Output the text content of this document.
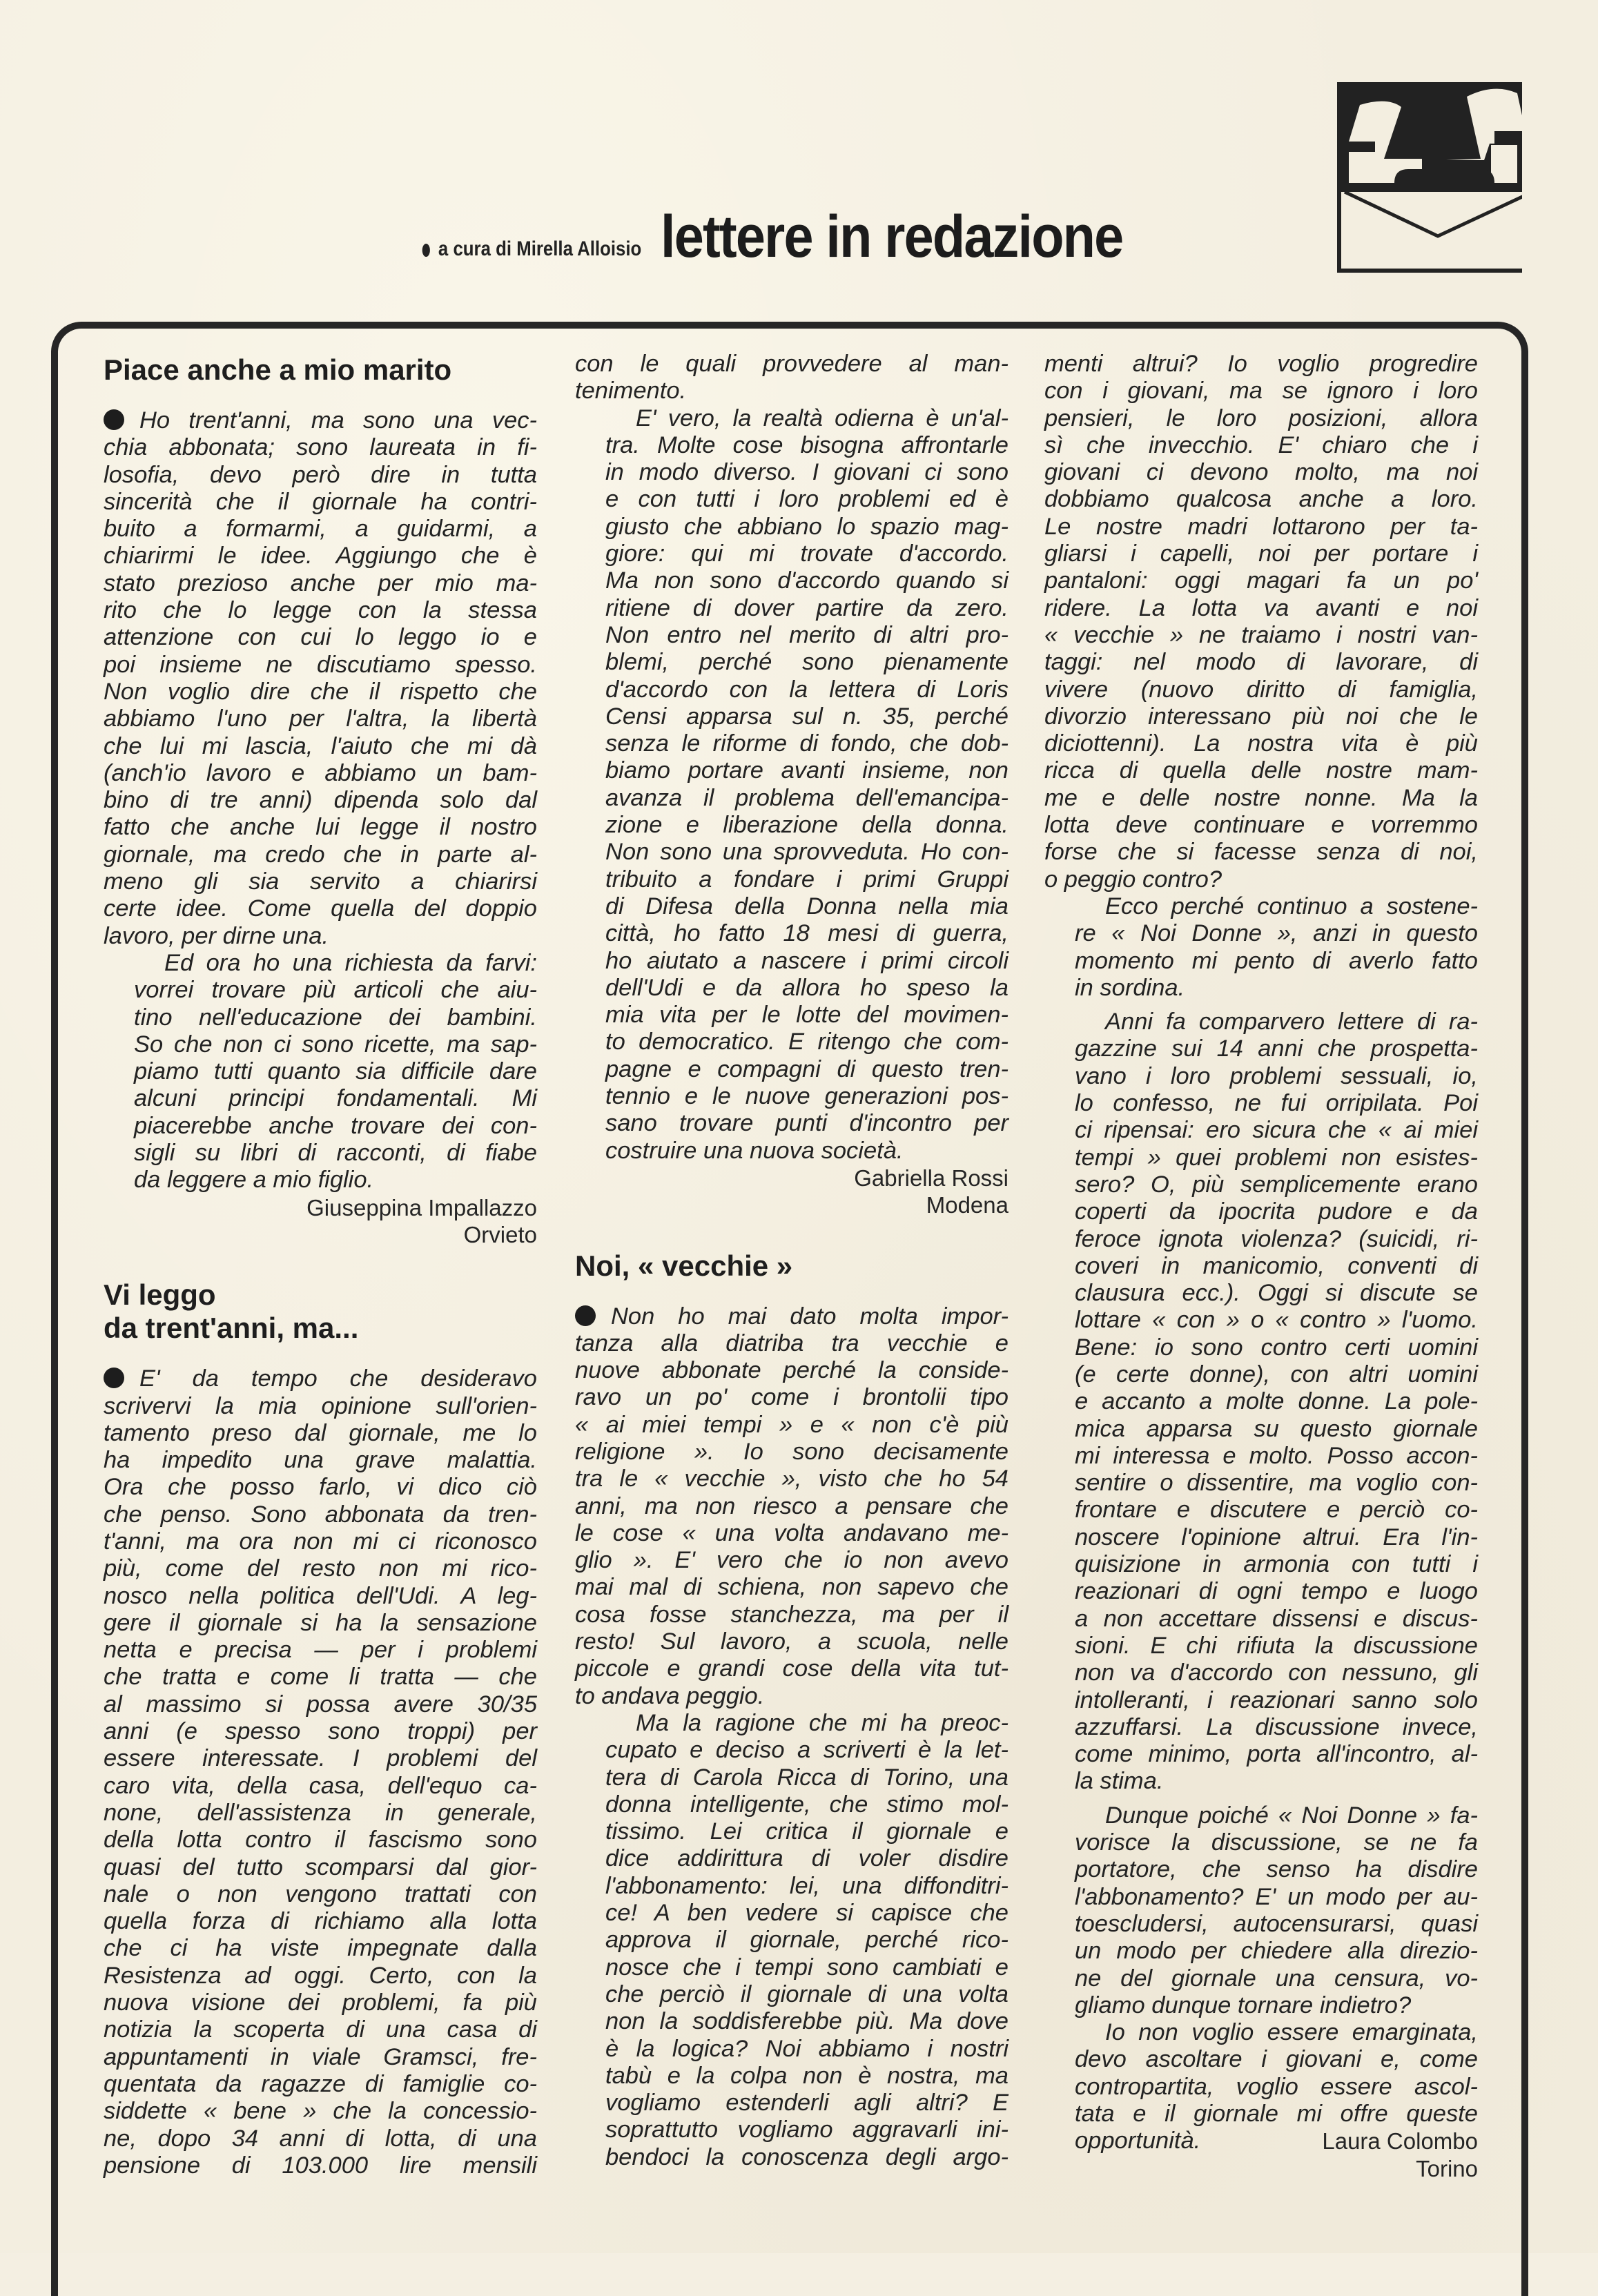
a cura di Mirella Alloisio lettere in redazione
Piace anche a mio marito

Ho trent'anni, ma sono una vec-
chia abbonata; sono laureata in fi-
losofia, devo però dire in tutta
sincerità che il giornale ha contri-
buito a formarmi, a guidarmi, a
chiarirmi le idee. Aggiungo che è
stato prezioso anche per mio ma-
rito che lo legge con la stessa
attenzione con cui lo leggo io e
poi insieme ne discutiamo spesso.
Non voglio dire che il rispetto che
abbiamo l'uno per l'altra, la libertà
che lui mi lascia, l'aiuto che mi dà
(anch'io lavoro e abbiamo un bam-
bino di tre anni) dipenda solo dal
fatto che anche lui legge il nostro
giornale, ma credo che in parte al-
meno gli sia servito a chiarirsi
certe idee. Come quella del doppio
lavoro, per dirne una.

Ed ora ho una richiesta da farvi:
vorrei trovare più articoli che aiu-
tino nell'educazione dei bambini.
So che non ci sono ricette, ma sap-
piamo tutti quanto sia difficile dare
alcuni principi fondamentali. Mi
piacerebbe anche trovare dei con-
sigli su libri di racconti, di fiabe
da leggere a mio figlio.

Giuseppina Impallazzo
Orvieto
Vi leggo
da trent'anni, ma...

E' da tempo che desideravo
scrivervi la mia opinione sull'orien-
tamento preso dal giornale, me lo
ha impedito una grave malattia.
Ora che posso farlo, vi dico ciò
che penso. Sono abbonata da tren-
t'anni, ma ora non mi ci riconosco
più, come del resto non mi rico-
nosco nella politica dell'Udi. A leg-
gere il giornale si ha la sensazione
netta e precisa — per i problemi
che tratta e come li tratta — che
al massimo si possa avere 30/35
anni (e spesso sono troppi) per
essere interessate. I problemi del
caro vita, della casa, dell'equo ca-
none, dell'assistenza in generale,
della lotta contro il fascismo sono
quasi del tutto scomparsi dal gior-
nale o non vengono trattati con
quella forza di richiamo alla lotta
che ci ha viste impegnate dalla
Resistenza ad oggi. Certo, con la
nuova visione dei problemi, fa più
notizia la scoperta di una casa di
appuntamenti in viale Gramsci, fre-
quentata da ragazze di famiglie co-
siddette « bene » che la concessio-
ne, dopo 34 anni di lotta, di una
pensione di 103.000 lire mensili

con le quali provvedere al man-
tenimento.

E' vero, la realtà odierna è un'al-
tra. Molte cose bisogna affrontarle
in modo diverso. I giovani ci sono
e con tutti i loro problemi ed è
giusto che abbiano lo spazio mag-
giore: qui mi trovate d'accordo.
Ma non sono d'accordo quando si
ritiene di dover partire da zero.
Non entro nel merito di altri pro-
blemi, perché sono pienamente
d'accordo con la lettera di Loris
Censi apparsa sul n. 35, perché
senza le riforme di fondo, che dob-
biamo portare avanti insieme, non
avanza il problema dell'emancipa-
zione e liberazione della donna.
Non sono una sprovveduta. Ho con-
tribuito a fondare i primi Gruppi
di Difesa della Donna nella mia
città, ho fatto 18 mesi di guerra,
ho aiutato a nascere i primi circoli
dell'Udi e da allora ho speso la
mia vita per le lotte del movimen-
to democratico. E ritengo che com-
pagne e compagni di questo tren-
tennio e le nuove generazioni pos-
sano trovare punti d'incontro per
costruire una nuova società.

Gabriella Rossi
Modena
Noi, « vecchie »

Non ho mai dato molta impor-
tanza alla diatriba tra vecchie e
nuove abbonate perché la conside-
ravo un po' come i brontolii tipo
« ai miei tempi » e « non c'è più
religione ». Io sono decisamente
tra le « vecchie », visto che ho 54
anni, ma non riesco a pensare che
le cose « una volta andavano me-
glio ». E' vero che io non avevo
mai mal di schiena, non sapevo che
cosa fosse stanchezza, ma per il
resto! Sul lavoro, a scuola, nelle
piccole e grandi cose della vita tut-
to andava peggio.

Ma la ragione che mi ha preoc-
cupato e deciso a scriverti è la let-
tera di Carola Ricca di Torino, una
donna intelligente, che stimo mol-
tissimo. Lei critica il giornale e
dice addirittura di voler disdire
l'abbonamento: lei, una diffonditri-
ce! A ben vedere si capisce che
approva il giornale, perché rico-
nosce che i tempi sono cambiati e
che perciò il giornale di una volta
non la soddisferebbe più. Ma dove
è la logica? Noi abbiamo i nostri
tabù e la colpa non è nostra, ma
vogliamo estenderli agli altri? E
soprattutto vogliamo aggravarli ini-
bendoci la conoscenza degli argo-

menti altrui? Io voglio progredire
con i giovani, ma se ignoro i loro
pensieri, le loro posizioni, allora
sì che invecchio. E' chiaro che i
giovani ci devono molto, ma noi
dobbiamo qualcosa anche a loro.
Le nostre madri lottarono per ta-
gliarsi i capelli, noi per portare i
pantaloni: oggi magari fa un po'
ridere. La lotta va avanti e noi
« vecchie » ne traiamo i nostri van-
taggi: nel modo di lavorare, di
vivere (nuovo diritto di famiglia,
divorzio interessano più noi che le
diciottenni). La nostra vita è più
ricca di quella delle nostre mam-
me e delle nostre nonne. Ma la
lotta deve continuare e vorremmo
forse che si facesse senza di noi,
o peggio contro?

Ecco perché continuo a sostene-
re « Noi Donne », anzi in questo
momento mi pento di averlo fatto
in sordina.

Anni fa comparvero lettere di ra-
gazzine sui 14 anni che prospetta-
vano i loro problemi sessuali, io,
lo confesso, ne fui orripilata. Poi
ci ripensai: ero sicura che « ai miei
tempi » quei problemi non esistes-
sero? O, più semplicemente erano
coperti da ipocrita pudore e da
feroce ignota violenza? (suicidi, ri-
coveri in manicomio, conventi di
clausura ecc.). Oggi si discute se
lottare « con » o « contro » l'uomo.
Bene: io sono contro certi uomini
(e certe donne), con altri uomini
e accanto a molte donne. La pole-
mica apparsa su questo giornale
mi interessa e molto. Posso accon-
sentire o dissentire, ma voglio con-
frontare e discutere e perciò co-
noscere l'opinione altrui. Era l'in-
quisizione in armonia con tutti i
reazionari di ogni tempo e luogo
a non accettare dissensi e discus-
sioni. E chi rifiuta la discussione
non va d'accordo con nessuno, gli
intolleranti, i reazionari sanno solo
azzuffarsi. La discussione invece,
come minimo, porta all'incontro, al-
la stima.

Dunque poiché « Noi Donne » fa-
vorisce la discussione, se ne fa
portatore, che senso ha disdire
l'abbonamento? E' un modo per au-
toescludersi, autocensurarsi, quasi
un modo per chiedere alla direzio-
ne del giornale una censura, vo-
gliamo dunque tornare indietro?

Io non voglio essere emarginata,
devo ascoltare i giovani e, come
contropartita, voglio essere ascol-
tata e il giornale mi offre queste
opportunità.	Laura Colombo

Torino
